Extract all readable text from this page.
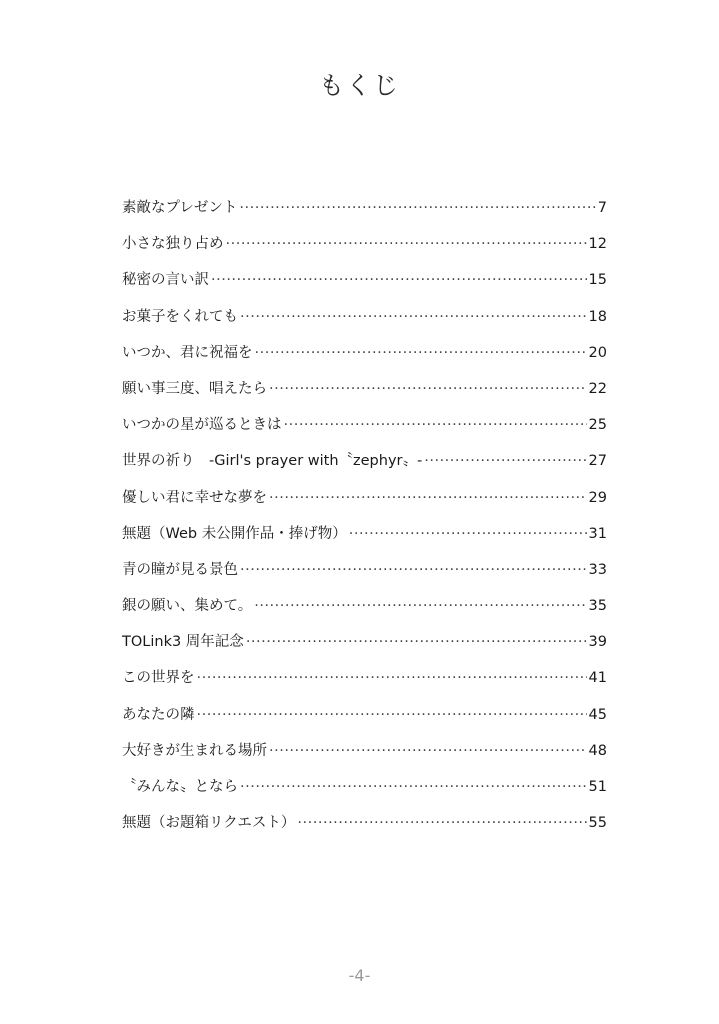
もくじ
素敵なプレゼント ·····	7
小さな独り占め ·····	12
秘密の言い訳 ·····	15
お菓子をくれても ·····	18
いつか、君に祝福を ·····	20
願い事三度、唱えたら ·····	22
いつかの星が巡るときは ·····	25
世界の祈り　-Girl's prayer with〝zephyr〟- ·····	27
優しい君に幸せな夢を ·····	29
無題（Web 未公開作品・捧げ物） ·····	31
青の瞳が見る景色 ·····	33
銀の願い、集めて。 ·····	35
TOLink3 周年記念 ·····	39
この世界を ·····	41
あなたの隣 ·····	45
大好きが生まれる場所 ·····	48
〝みんな〟となら ·····	51
無題（お題箱リクエスト） ·····	55
-4-
